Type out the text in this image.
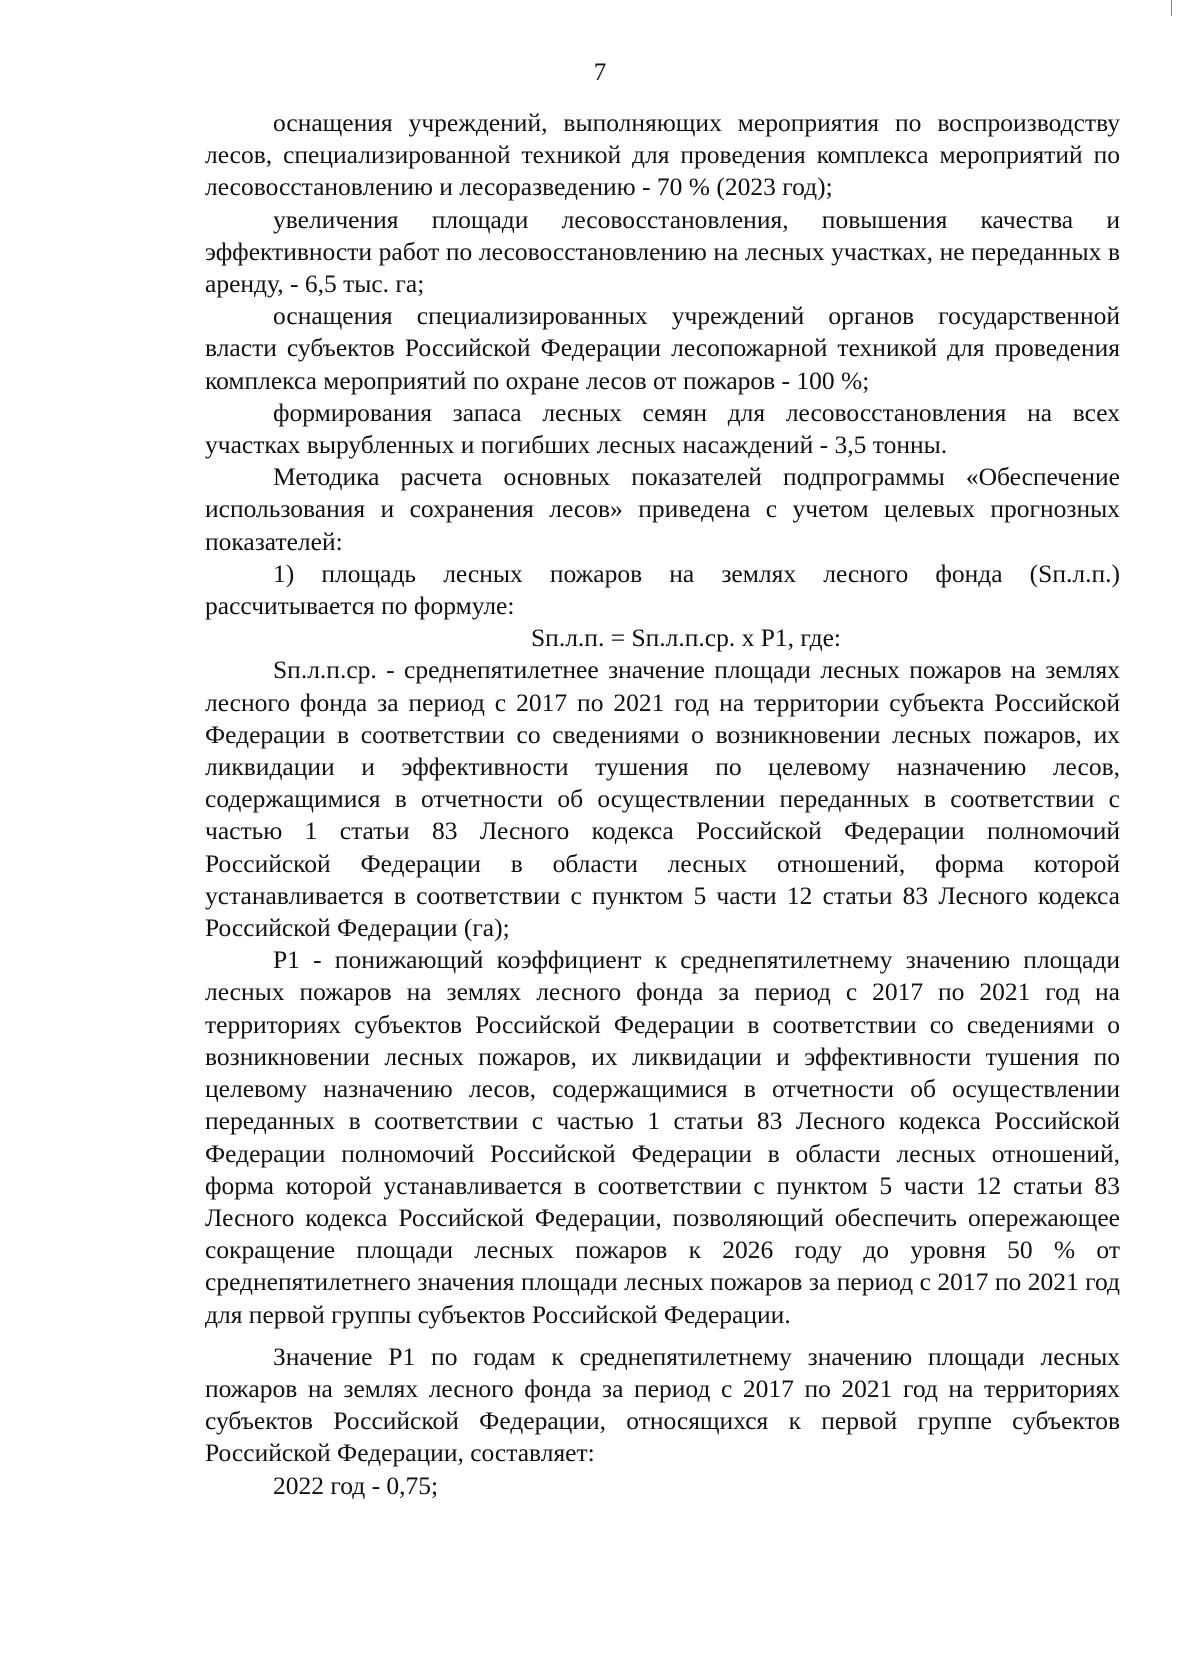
7

оснащения учреждений, выполняющих мероприятия по воспроизводству лесов, специализированной техникой для проведения комплекса мероприятий по лесовосстановлению и лесоразведению - 70 % (2023 год);

увеличения площади лесовосстановления, повышения качества и эффективности работ по лесовосстановлению на лесных участках, не переданных в аренду, - 6,5 тыс. га;

оснащения специализированных учреждений органов государственной власти субъектов Российской Федерации лесопожарной техникой для проведения комплекса мероприятий по охране лесов от пожаров - 100 %;

формирования запаса лесных семян для лесовосстановления на всех участках вырубленных и погибших лесных насаждений - 3,5 тонны.

Методика расчета основных показателей подпрограммы «Обеспечение использования и сохранения лесов» приведена с учетом целевых прогнозных показателей:

1) площадь лесных пожаров на землях лесного фонда (Sп.л.п.) рассчитывается по формуле:

Sп.л.п. = Sп.л.п.ср. x P1, где:

Sп.л.п.ср. - среднепятилетнее значение площади лесных пожаров на землях лесного фонда за период с 2017 по 2021 год на территории субъекта Российской Федерации в соответствии со сведениями о возникновении лесных пожаров, их ликвидации и эффективности тушения по целевому назначению лесов, содержащимися в отчетности об осуществлении переданных в соответствии с частью 1 статьи 83 Лесного кодекса Российской Федерации полномочий Российской Федерации в области лесных отношений, форма которой устанавливается в соответствии с пунктом 5 части 12 статьи 83 Лесного кодекса Российской Федерации (га);

P1 - понижающий коэффициент к среднепятилетнему значению площади лесных пожаров на землях лесного фонда за период с 2017 по 2021 год на территориях субъектов Российской Федерации в соответствии со сведениями о возникновении лесных пожаров, их ликвидации и эффективности тушения по целевому назначению лесов, содержащимися в отчетности об осуществлении переданных в соответствии с частью 1 статьи 83 Лесного кодекса Российской Федерации полномочий Российской Федерации в области лесных отношений, форма которой устанавливается в соответствии с пунктом 5 части 12 статьи 83 Лесного кодекса Российской Федерации, позволяющий обеспечить опережающее сокращение площади лесных пожаров к 2026 году до уровня 50 % от среднепятилетнего значения площади лесных пожаров за период с 2017 по 2021 год для первой группы субъектов Российской Федерации.

Значение P1 по годам к среднепятилетнему значению площади лесных пожаров на землях лесного фонда за период с 2017 по 2021 год на территориях субъектов Российской Федерации, относящихся к первой группе субъектов Российской Федерации, составляет:

2022 год - 0,75;
